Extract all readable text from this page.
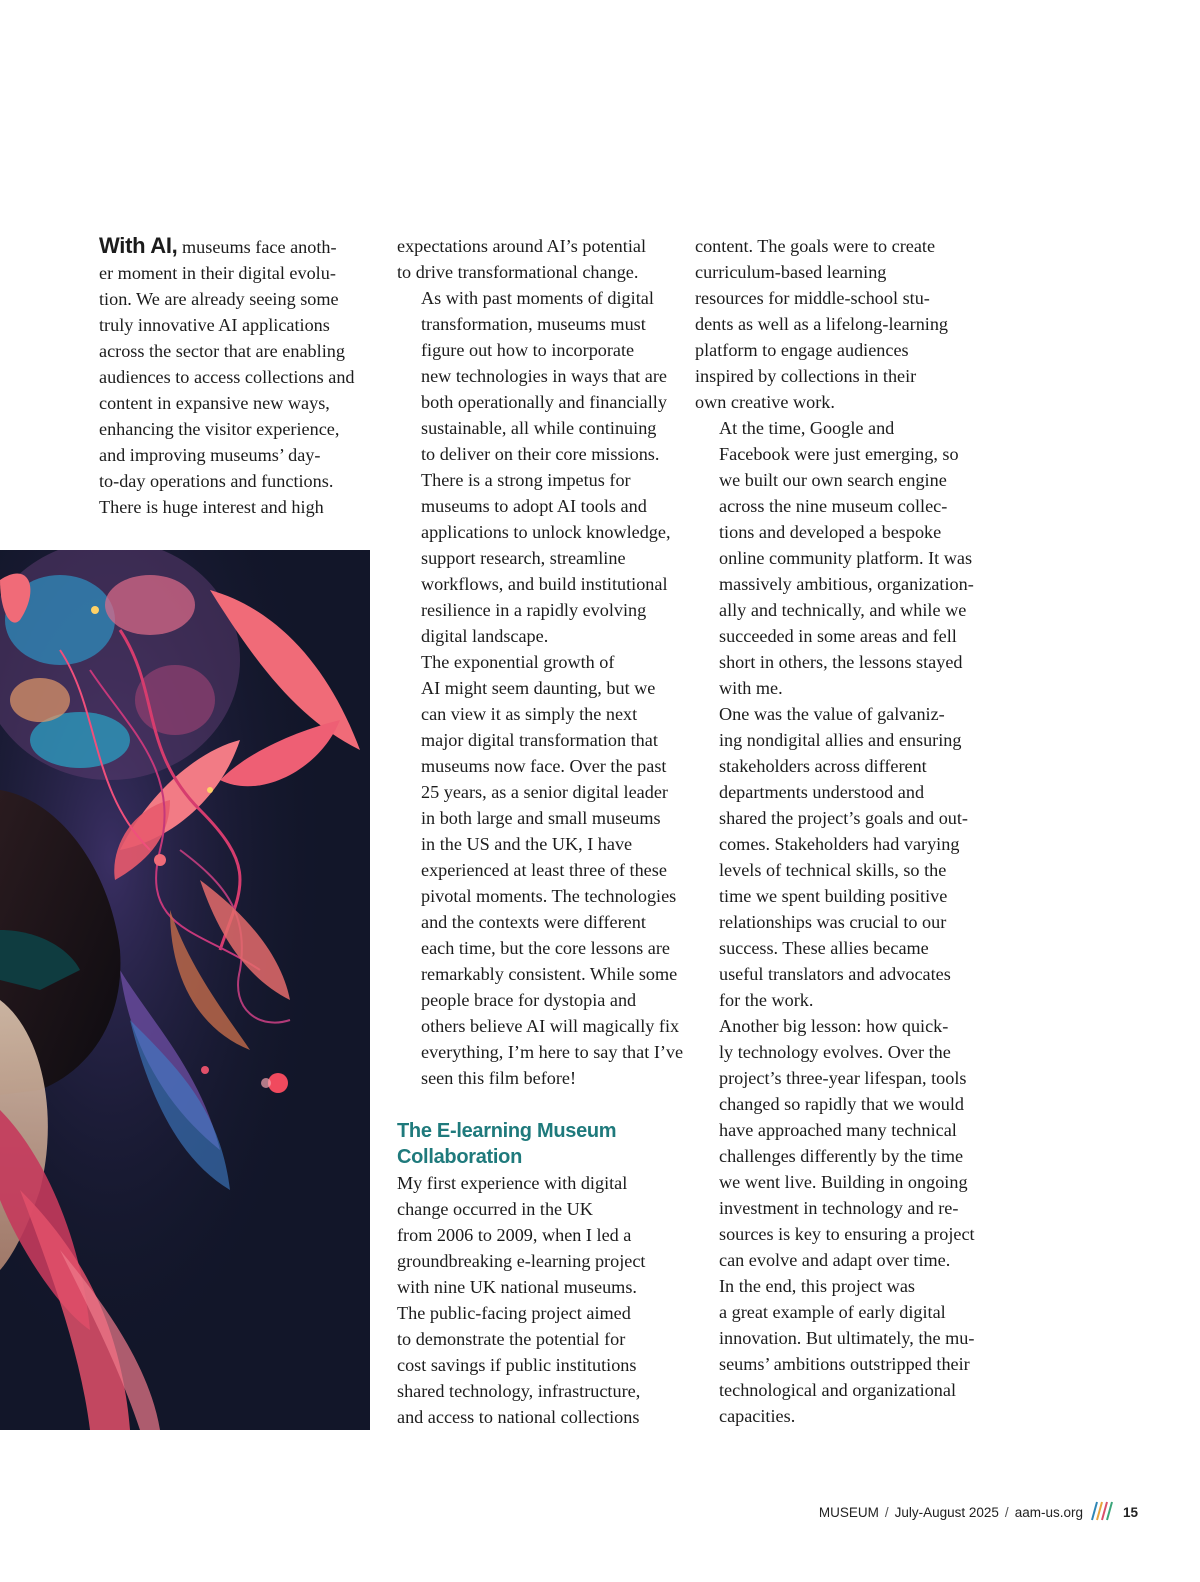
With AI, museums face anoth-
er moment in their digital evolu-
tion. We are already seeing some
truly innovative AI applications
across the sector that are enabling
audiences to access collections and
content in expansive new ways,
enhancing the visitor experience,
and improving museums’ day-
to-day operations and functions.
There is huge interest and high

expectations around AI’s potential
to drive transformational change.

As with past moments of digital
transformation, museums must
figure out how to incorporate
new technologies in ways that are
both operationally and financially
sustainable, all while continuing
to deliver on their core missions.
There is a strong impetus for
museums to adopt AI tools and
applications to unlock knowledge,
support research, streamline
workflows, and build institutional
resilience in a rapidly evolving
digital landscape.

The exponential growth of
AI might seem daunting, but we
can view it as simply the next
major digital transformation that
museums now face. Over the past
25 years, as a senior digital leader
in both large and small museums
in the US and the UK, I have
experienced at least three of these
pivotal moments. The technologies
and the contexts were different
each time, but the core lessons are
remarkably consistent. While some
people brace for dystopia and
others believe AI will magically fix
everything, I’m here to say that I’ve
seen this film before!

The E-learning Museum
Collaboration

My first experience with digital
change occurred in the UK
from 2006 to 2009, when I led a
groundbreaking e-learning project
with nine UK national museums.
The public-facing project aimed
to demonstrate the potential for
cost savings if public institutions
shared technology, infrastructure,
and access to national collections

content. The goals were to create
curriculum-based learning
resources for middle-school stu-
dents as well as a lifelong-learning
platform to engage audiences
inspired by collections in their
own creative work.

At the time, Google and
Facebook were just emerging, so
we built our own search engine
across the nine museum collec-
tions and developed a bespoke
online community platform. It was
massively ambitious, organization-
ally and technically, and while we
succeeded in some areas and fell
short in others, the lessons stayed
with me.

One was the value of galvaniz-
ing nondigital allies and ensuring
stakeholders across different
departments understood and
shared the project’s goals and out-
comes. Stakeholders had varying
levels of technical skills, so the
time we spent building positive
relationships was crucial to our
success. These allies became
useful translators and advocates
for the work.

Another big lesson: how quick-
ly technology evolves. Over the
project’s three-year lifespan, tools
changed so rapidly that we would
have approached many technical
challenges differently by the time
we went live. Building in ongoing
investment in technology and re-
sources is key to ensuring a project
can evolve and adapt over time.

In the end, this project was
a great example of early digital
innovation. But ultimately, the mu-
seums’ ambitions outstripped their
technological and organizational
capacities.

MUSEUM / July-August 2025 / aam-us.org	15
